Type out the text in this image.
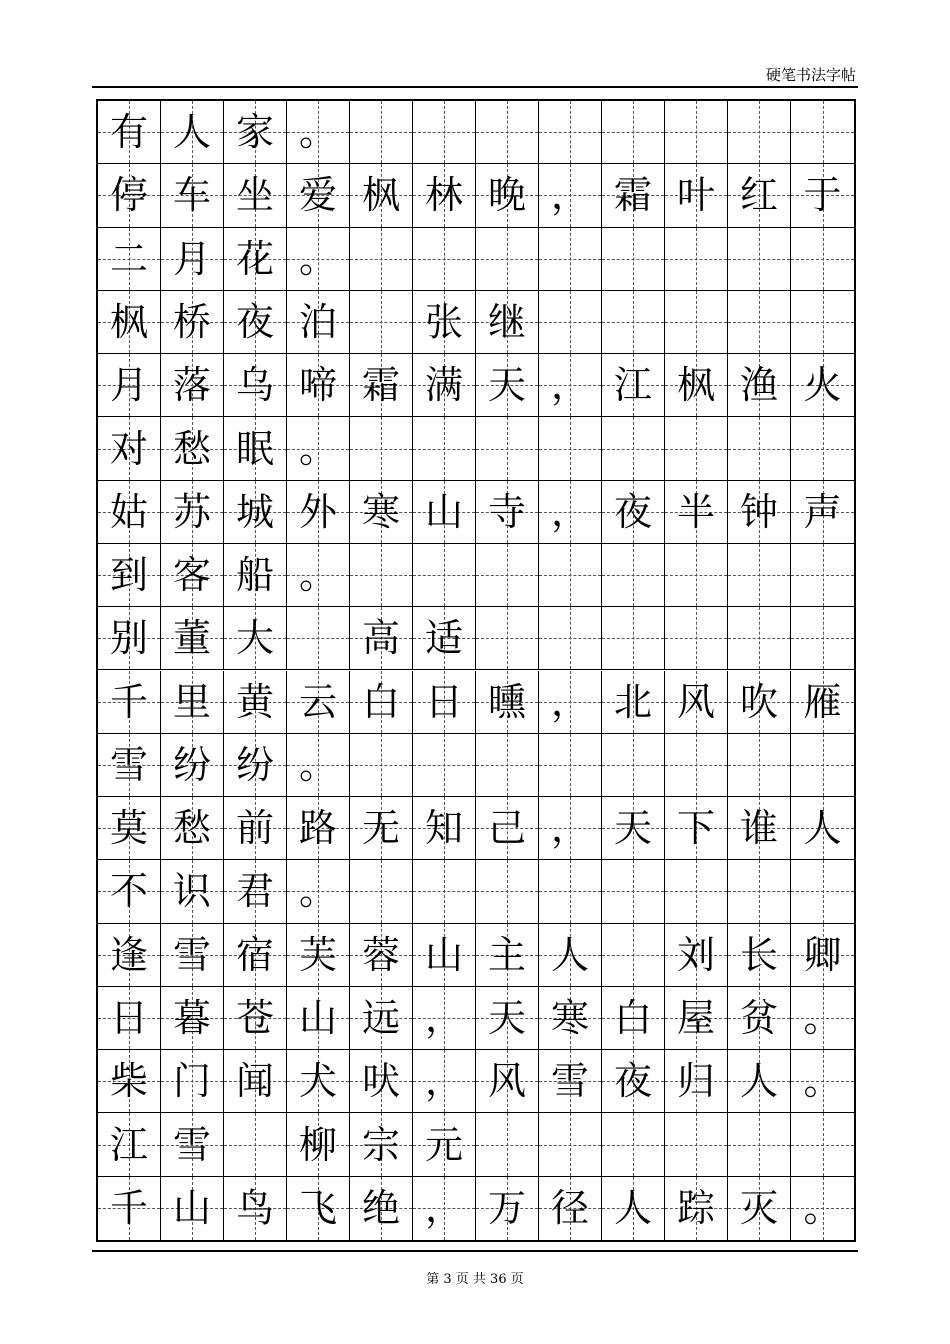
硬笔书法字帖
有 人 家 。
停 车 坐 爱 枫 林 晚 ， 霜 叶 红 于
二 月 花 。
枫 桥 夜 泊 张 继
月 落 乌 啼 霜 满 天 ， 江 枫 渔 火
对 愁 眠 。
姑 苏 城 外 寒 山 寺 ， 夜 半 钟 声
到 客 船 。
别 董 大 高 适
千 里 黄 云 白 日 曛 ， 北 风 吹 雁
雪 纷 纷 。
莫 愁 前 路 无 知 己 ， 天 下 谁 人
不 识 君 。
逢 雪 宿 芙 蓉 山 主 人 刘 长 卿
日 暮 苍 山 远 ， 天 寒 白 屋 贫 。
柴 门 闻 犬 吠 ， 风 雪 夜 归 人 。
江 雪 柳 宗 元
千 山 鸟 飞 绝 ， 万 径 人 踪 灭 。
第 3 页 共 36 页
